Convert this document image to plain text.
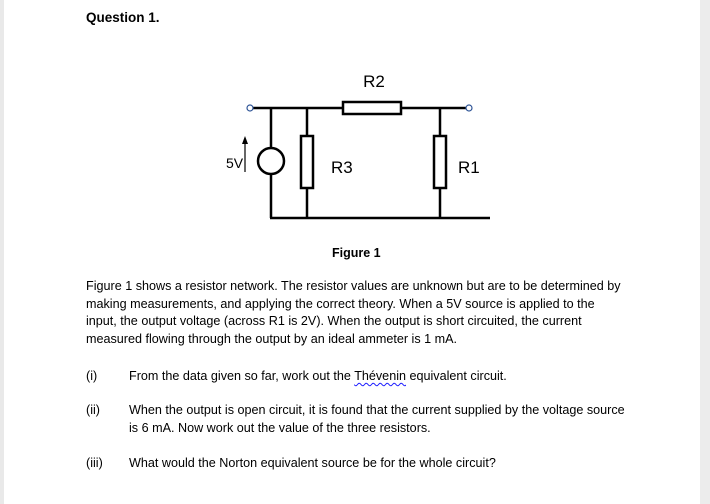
Question 1.
R2
R3	R1
5V
Figure 1
Figure 1 shows a resistor network. The resistor values are unknown but are to be determined by making measurements, and applying the correct theory. When a 5V source is applied to the input, the output voltage (across R1 is 2V). When the output is short circuited, the current measured flowing through the output by an ideal ammeter is 1 mA.
(i)	From the data given so far, work out the Thévenin equivalent circuit.
(ii) When the output is open circuit, it is found that the current supplied by the voltage source is 6 mA. Now work out the value of the three resistors.
(iii) What would the Norton equivalent source be for the whole circuit?
